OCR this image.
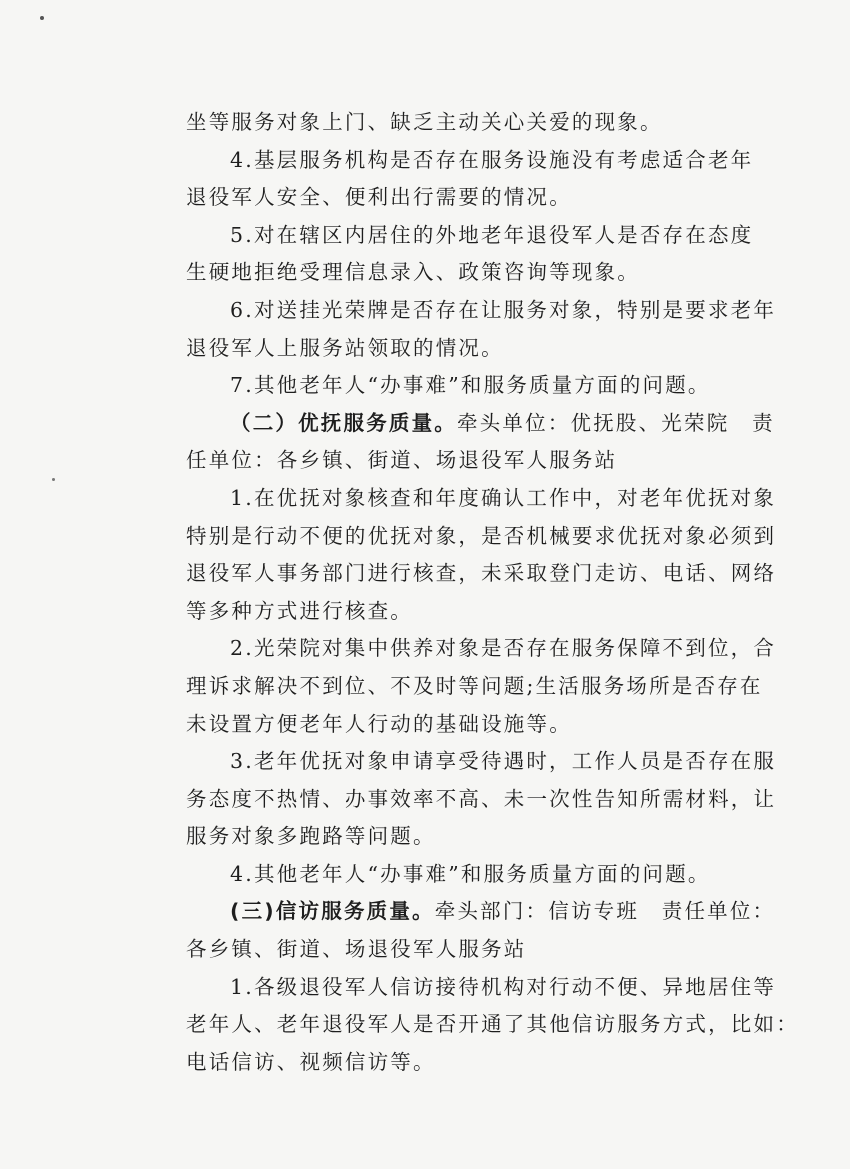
坐等服务对象上门、缺乏主动关心关爱的现象。

4.基层服务机构是否存在服务设施没有考虑适合老年

退役军人安全、便利出行需要的情况。

5.对在辖区内居住的外地老年退役军人是否存在态度

生硬地拒绝受理信息录入、政策咨询等现象。

6.对送挂光荣牌是否存在让服务对象，特别是要求老年

退役军人上服务站领取的情况。

7.其他老年人“办事难”和服务质量方面的问题。

（二）优抚服务质量。牵头单位：优抚股、光荣院　责

任单位：各乡镇、街道、场退役军人服务站

1.在优抚对象核查和年度确认工作中，对老年优抚对象

特别是行动不便的优抚对象，是否机械要求优抚对象必须到

退役军人事务部门进行核查，未采取登门走访、电话、网络

等多种方式进行核查。

2.光荣院对集中供养对象是否存在服务保障不到位，合

理诉求解决不到位、不及时等问题;生活服务场所是否存在

未设置方便老年人行动的基础设施等。

3.老年优抚对象申请享受待遇时，工作人员是否存在服

务态度不热情、办事效率不高、未一次性告知所需材料，让

服务对象多跑路等问题。

4.其他老年人“办事难”和服务质量方面的问题。

(三)信访服务质量。牵头部门：信访专班　责任单位：

各乡镇、街道、场退役军人服务站

1.各级退役军人信访接待机构对行动不便、异地居住等

老年人、老年退役军人是否开通了其他信访服务方式，比如：

电话信访、视频信访等。
